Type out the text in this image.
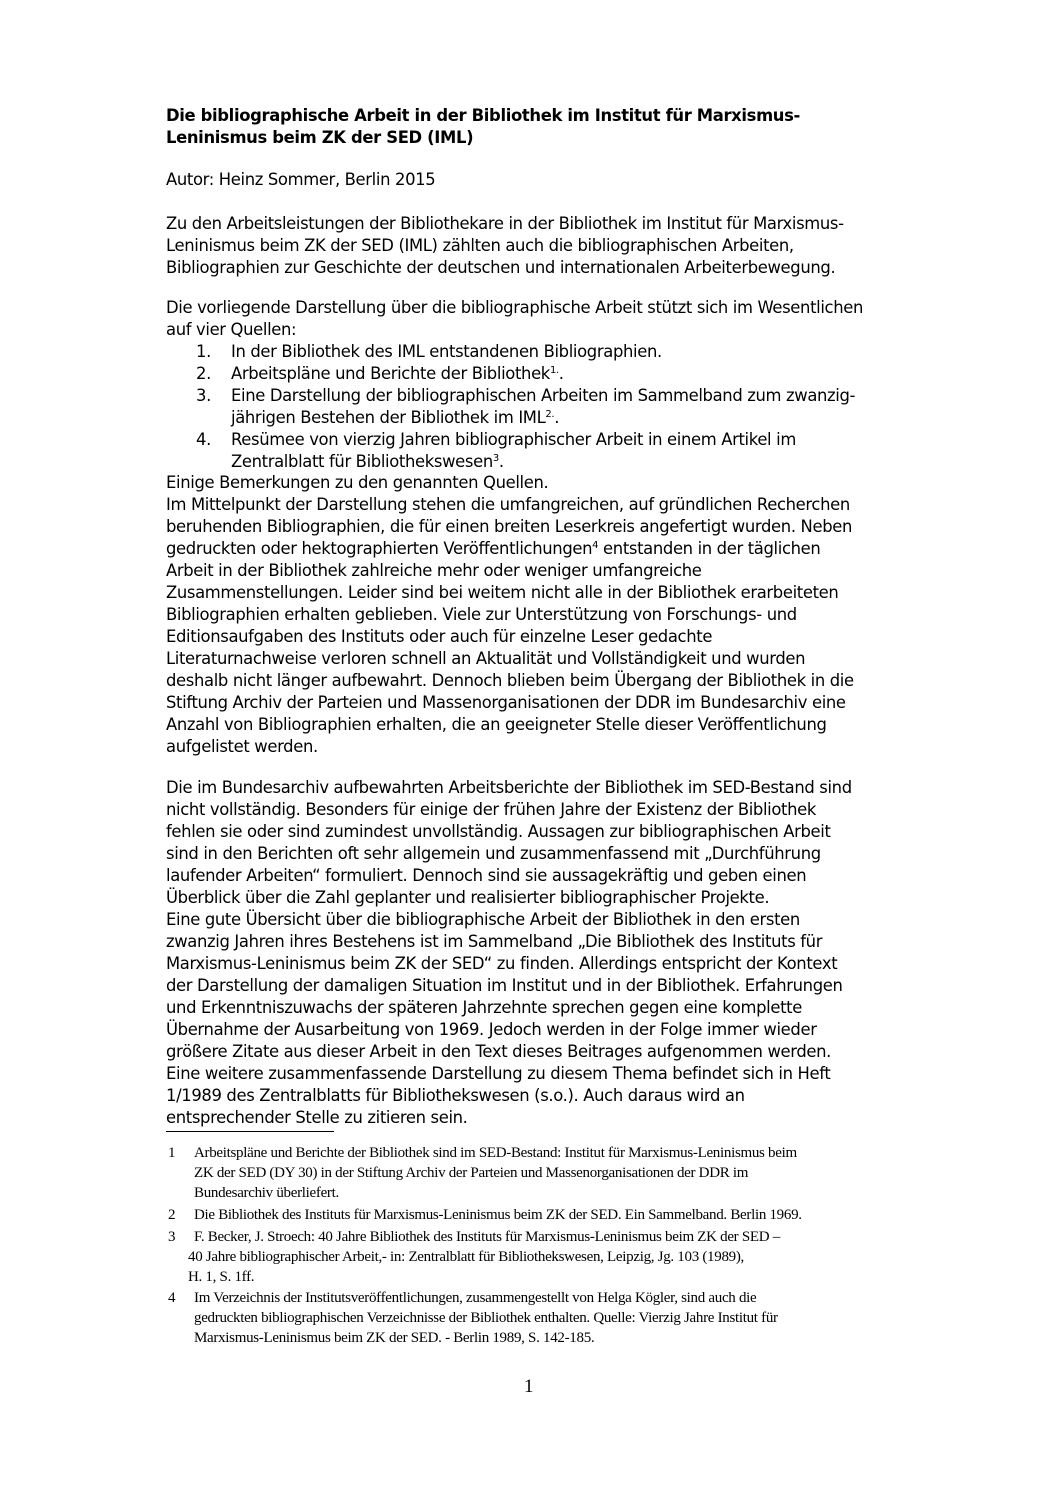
Die bibliographische Arbeit in der Bibliothek im Institut für Marxismus-
Leninismus beim ZK der SED (IML)
Autor: Heinz Sommer, Berlin 2015
Zu den Arbeitsleistungen der Bibliothekare in der Bibliothek im Institut für Marxismus-
Leninismus beim ZK der SED (IML) zählten auch die bibliographischen Arbeiten,
Bibliographien zur Geschichte der deutschen und internationalen Arbeiterbewegung.
Die vorliegende Darstellung über die bibliographische Arbeit stützt sich im Wesentlichen
auf vier Quellen:
1. In der Bibliothek des IML entstandenen Bibliographien.
2. Arbeitspläne und Berichte der Bibliothek$^{1.}$.
3. Eine Darstellung der bibliographischen Arbeiten im Sammelband zum zwanzig-
jährigen Bestehen der Bibliothek im $IML^{2.}$.
4. Resümee von vierzig Jahren bibliographischer Arbeit in einem Artikel im
Zentralblatt für Bibliothekswesen$^3$.
Einige Bemerkungen zu den genannten Quellen.
Im Mittelpunkt der Darstellung stehen die umfangreichen, auf gründlichen Recherchen
beruhenden Bibliographien, die für einen breiten Leserkreis angefertigt wurden. Neben
gedruckten oder hektographierten Veröffentlichungen$^4$ entstanden in der täglichen
Arbeit in der Bibliothek zahlreiche mehr oder weniger umfangreiche
Zusammenstellungen. Leider sind bei weitem nicht alle in der Bibliothek erarbeiteten
Bibliographien erhalten geblieben. Viele zur Unterstützung von Forschungs- und
Editionsaufgaben des Instituts oder auch für einzelne Leser gedachte
Literaturnachweise verloren schnell an Aktualität und Vollständigkeit und wurden
deshalb nicht länger aufbewahrt. Dennoch blieben beim Übergang der Bibliothek in die
Stiftung Archiv der Parteien und Massenorganisationen der DDR im Bundesarchiv eine
Anzahl von Bibliographien erhalten, die an geeigneter Stelle dieser Veröffentlichung
aufgelistet werden.
Die im Bundesarchiv aufbewahrten Arbeitsberichte der Bibliothek im SED-Bestand sind
nicht vollständig. Besonders für einige der frühen Jahre der Existenz der Bibliothek
fehlen sie oder sind zumindest unvollständig. Aussagen zur bibliographischen Arbeit
sind in den Berichten oft sehr allgemein und zusammenfassend mit „Durchführung
laufender Arbeiten“ formuliert. Dennoch sind sie aussagekräftig und geben einen
Überblick über die Zahl geplanter und realisierter bibliographischer Projekte.
Eine gute Übersicht über die bibliographische Arbeit der Bibliothek in den ersten
zwanzig Jahren ihres Bestehens ist im Sammelband „Die Bibliothek des Instituts für
Marxismus-Leninismus beim ZK der SED“ zu finden. Allerdings entspricht der Kontext
der Darstellung der damaligen Situation im Institut und in der Bibliothek. Erfahrungen
und Erkenntniszuwachs der späteren Jahrzehnte sprechen gegen eine komplette
Übernahme der Ausarbeitung von 1969. Jedoch werden in der Folge immer wieder
größere Zitate aus dieser Arbeit in den Text dieses Beitrages aufgenommen werden.
Eine weitere zusammenfassende Darstellung zu diesem Thema befindet sich in Heft
1/1989 des Zentralblatts für Bibliothekswesen (s.o.). Auch daraus wird an
entsprechender Stelle zu zitieren sein.
1 Arbeitspläne und Berichte der Bibliothek sind im SED-Bestand: Institut für Marxismus-Leninismus beim
ZK der SED (DY 30) in der Stiftung Archiv der Parteien und Massenorganisationen der DDR im
Bundesarchiv überliefert.
2 Die Bibliothek des Instituts für Marxismus-Leninismus beim ZK der SED. Ein Sammelband. Berlin 1969.
3 F. Becker, J. Stroech: 40 Jahre Bibliothek des Instituts für Marxismus-Leninismus beim ZK der SED –
40 Jahre bibliographischer Arbeit,- in: Zentralblatt für Bibliothekswesen, Leipzig, Jg. 103 (1989),
H. 1, S. 1ff.
4 Im Verzeichnis der Institutsveröffentlichungen, zusammengestellt von Helga Kögler, sind auch die
gedruckten bibliographischen Verzeichnisse der Bibliothek enthalten. Quelle: Vierzig Jahre Institut für
Marxismus-Leninismus beim ZK der SED. - Berlin 1989, S. 142-185.
1
